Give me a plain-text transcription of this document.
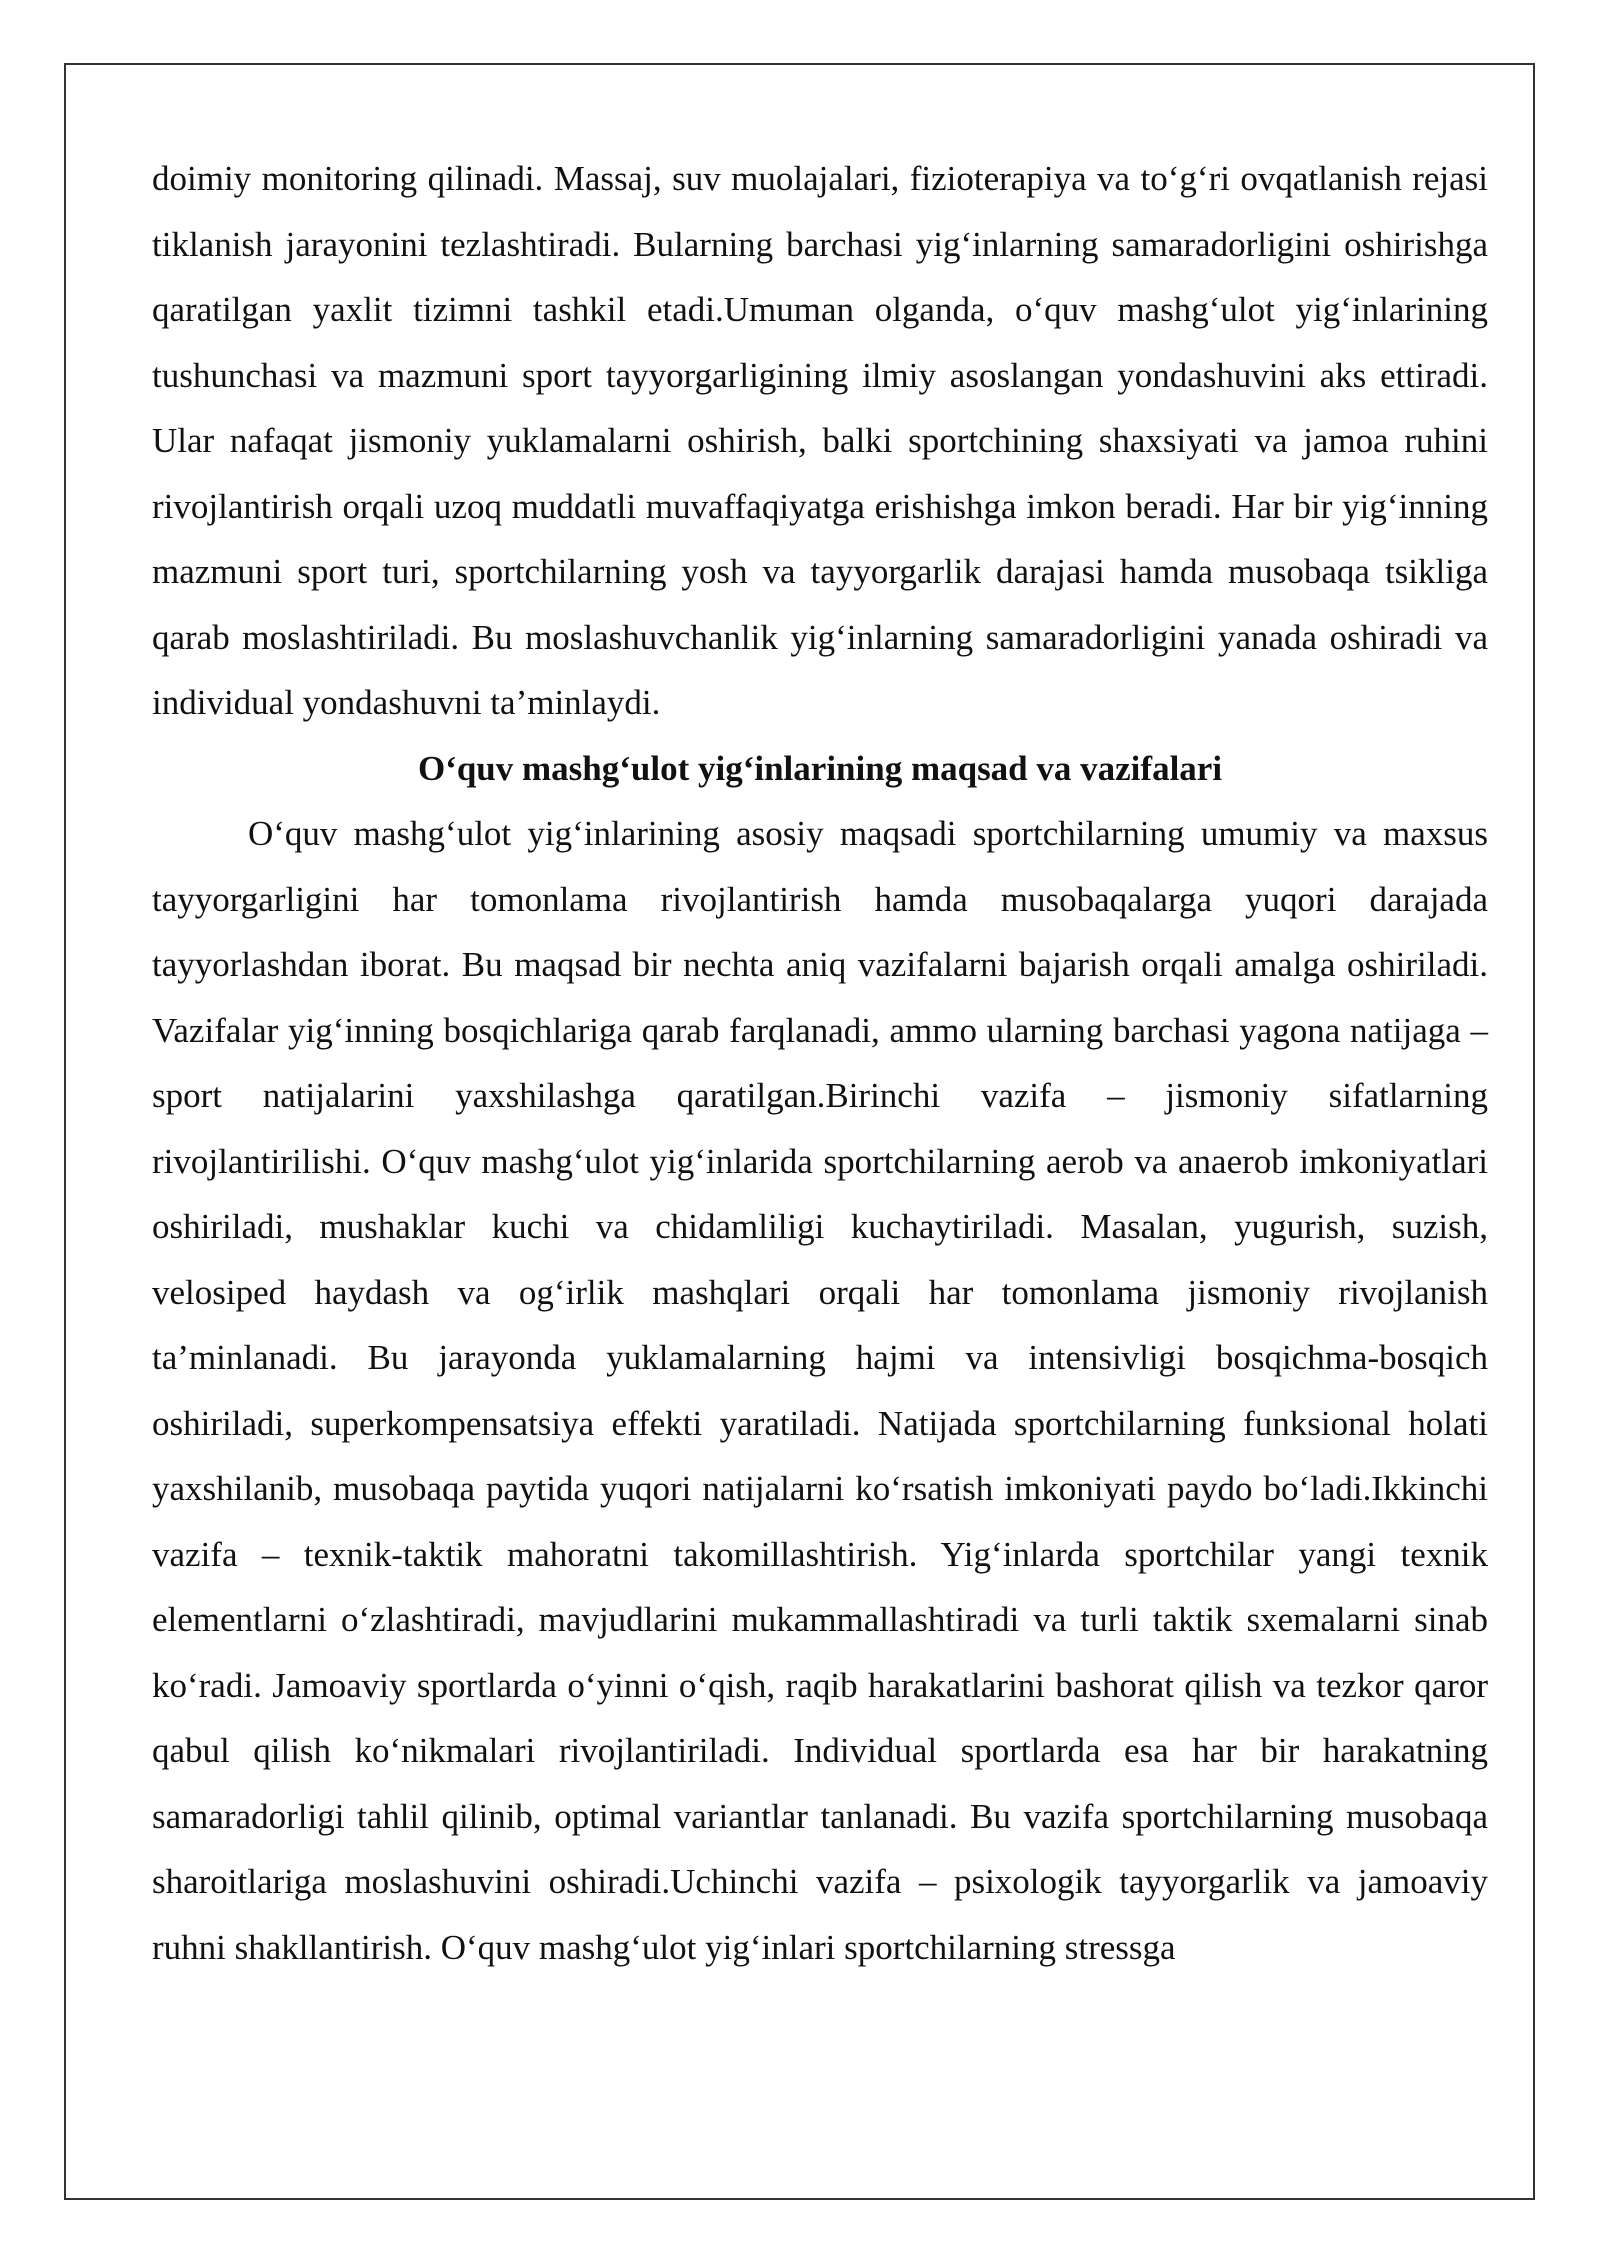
doimiy monitoring qilinadi. Massaj, suv muolajalari, fizioterapiya va to‘g‘ri ovqatlanish rejasi tiklanish jarayonini tezlashtiradi. Bularning barchasi yig‘inlarning samaradorligini oshirishga qaratilgan yaxlit tizimni tashkil etadi.Umuman olganda, o‘quv mashg‘ulot yig‘inlarining tushunchasi va mazmuni sport tayyorgarligining ilmiy asoslangan yondashuvini aks ettiradi. Ular nafaqat jismoniy yuklamalarni oshirish, balki sportchining shaxsiyati va jamoa ruhini rivojlantirish orqali uzoq muddatli muvaffaqiyatga erishishga imkon beradi. Har bir yig‘inning mazmuni sport turi, sportchilarning yosh va tayyorgarlik darajasi hamda musobaqa tsikliga qarab moslashtiriladi. Bu moslashuvchanlik yig‘inlarning samaradorligini yanada oshiradi va individual yondashuvni ta’minlaydi.

O‘quv mashg‘ulot yig‘inlarining maqsad va vazifalari

O‘quv mashg‘ulot yig‘inlarining asosiy maqsadi sportchilarning umumiy va maxsus tayyorgarligini har tomonlama rivojlantirish hamda musobaqalarga yuqori darajada tayyorlashdan iborat. Bu maqsad bir nechta aniq vazifalarni bajarish orqali amalga oshiriladi. Vazifalar yig‘inning bosqichlariga qarab farqlanadi, ammo ularning barchasi yagona natijaga – sport natijalarini yaxshilashga qaratilgan.Birinchi vazifa – jismoniy sifatlarning rivojlantirilishi. O‘quv mashg‘ulot yig‘inlarida sportchilarning aerob va anaerob imkoniyatlari oshiriladi, mushaklar kuchi va chidamliligi kuchaytiriladi. Masalan, yugurish, suzish, velosiped haydash va og‘irlik mashqlari orqali har tomonlama jismoniy rivojlanish ta’minlanadi. Bu jarayonda yuklamalarning hajmi va intensivligi bosqichma-bosqich oshiriladi, superkompensatsiya effekti yaratiladi. Natijada sportchilarning funksional holati yaxshilanib, musobaqa paytida yuqori natijalarni ko‘rsatish imkoniyati paydo bo‘ladi.Ikkinchi vazifa – texnik-taktik mahoratni takomillashtirish. Yig‘inlarda sportchilar yangi texnik elementlarni o‘zlashtiradi, mavjudlarini mukammallashtiradi va turli taktik sxemalarni sinab ko‘radi. Jamoaviy sportlarda o‘yinni o‘qish, raqib harakatlarini bashorat qilish va tezkor qaror qabul qilish ko‘nikmalari rivojlantiriladi. Individual sportlarda esa har bir harakatning samaradorligi tahlil qilinib, optimal variantlar tanlanadi. Bu vazifa sportchilarning musobaqa sharoitlariga moslashuvini oshiradi.Uchinchi vazifa – psixologik tayyorgarlik va jamoaviy ruhni shakllantirish. O‘quv mashg‘ulot yig‘inlari sportchilarning stressga
